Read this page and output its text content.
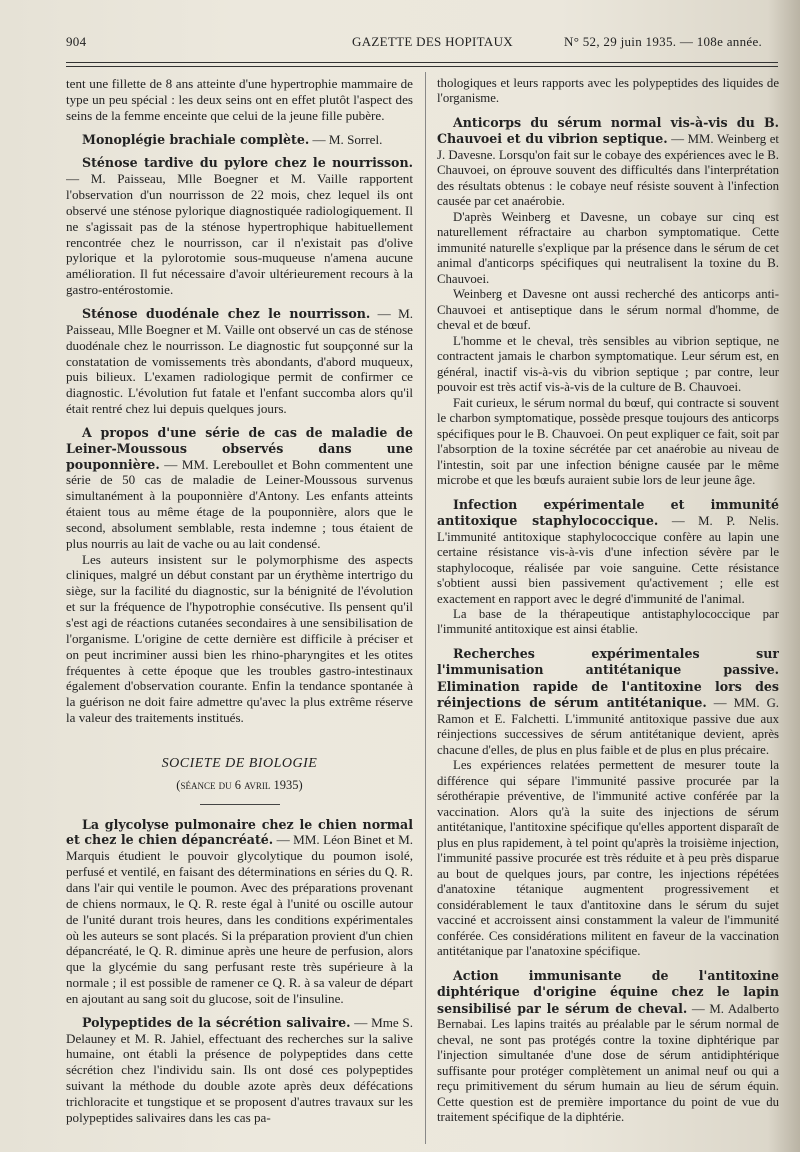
904	GAZETTE DES HOPITAUX	N° 52, 29 juin 1935. — 108e année.

tent une fillette de 8 ans atteinte d'une hypertrophie mammaire de type un peu spécial : les deux seins ont en effet plutôt l'aspect des seins de la femme enceinte que celui de la jeune fille pubère.

Monoplégie brachiale complète. — M. Sorrel.

Sténose tardive du pylore chez le nourrisson. — M. Paisseau, Mlle Boegner et M. Vaille rapportent l'observation d'un nourrisson de 22 mois, chez lequel ils ont observé une sténose pylorique diagnostiquée radiologiquement. Il ne s'agissait pas de la sténose hypertrophique habituellement rencontrée chez le nourrisson, car il n'existait pas d'olive pylorique et la pylorotomie sous-muqueuse n'amena aucune amélioration. Il fut nécessaire d'avoir ultérieurement recours à la gastro-entérostomie.

Sténose duodénale chez le nourrisson. — M. Paisseau, Mlle Boegner et M. Vaille ont observé un cas de sténose duodénale chez le nourrisson. Le diagnostic fut soupçonné sur la constatation de vomissements très abondants, d'abord muqueux, puis bilieux. L'examen radiologique permit de confirmer ce diagnostic. L'évolution fut fatale et l'enfant succomba alors qu'il était rentré chez lui depuis quelques jours.

A propos d'une série de cas de maladie de Leiner-Moussous observés dans une pouponnière. — MM. Lereboullet et Bohn commentent une série de 50 cas de maladie de Leiner-Moussous survenus simultanément à la pouponnière d'Antony. Les enfants atteints étaient tous au même étage de la pouponnière, alors que le second, absolument semblable, resta indemne ; tous étaient de plus nourris au lait de vache ou au lait condensé.

Les auteurs insistent sur le polymorphisme des aspects cliniques, malgré un début constant par un érythème intertrigo du siège, sur la facilité du diagnostic, sur la bénignité de l'évolution et sur la fréquence de l'hypotrophie consécutive. Ils pensent qu'il s'est agi de réactions cutanées secondaires à une sensibilisation de l'organisme. L'origine de cette dernière est difficile à préciser et on peut incriminer aussi bien les rhino-pharyngites et les otites fréquentes à cette époque que les troubles gastro-intestinaux également d'observation courante. Enfin la tendance spontanée à la guérison ne doit faire admettre qu'avec la plus extrême réserve la valeur des traitements institués.

SOCIETE DE BIOLOGIE
(séance du 6 avril 1935)

La glycolyse pulmonaire chez le chien normal et chez le chien dépancréaté. — MM. Léon Binet et M. Marquis étudient le pouvoir glycolytique du poumon isolé, perfusé et ventilé, en faisant des déterminations en séries du Q. R. dans l'air qui ventile le poumon. Avec des préparations provenant de chiens normaux, le Q. R. reste égal à l'unité ou oscille autour de l'unité durant trois heures, dans les conditions expérimentales où les auteurs se sont placés. Si la préparation provient d'un chien dépancréaté, le Q. R. diminue après une heure de perfusion, alors que la glycémie du sang perfusant reste très supérieure à la normale ; il est possible de ramener ce Q. R. à sa valeur de départ en ajoutant au sang soit du glucose, soit de l'insuline.

Polypeptides de la sécrétion salivaire. — Mme S. Delauney et M. R. Jahiel, effectuant des recherches sur la salive humaine, ont établi la présence de polypeptides dans cette sécrétion chez l'individu sain. Ils ont dosé ces polypeptides suivant la méthode du double azote après deux défécations trichloracite et tungstique et se proposent d'autres travaux sur les polypeptides salivaires dans les cas pa-

thologiques et leurs rapports avec les polypeptides des liquides de l'organisme.

Anticorps du sérum normal vis-à-vis du B. Chauvoei et du vibrion septique. — MM. Weinberg et J. Davesne. Lorsqu'on fait sur le cobaye des expériences avec le B. Chauvoei, on éprouve souvent des difficultés dans l'interprétation des résultats obtenus : le cobaye neuf résiste souvent à l'infection causée par cet anaérobie.

D'après Weinberg et Davesne, un cobaye sur cinq est naturellement réfractaire au charbon symptomatique. Cette immunité naturelle s'explique par la présence dans le sérum de cet animal d'anticorps spécifiques qui neutralisent la toxine du B. Chauvoei.

Weinberg et Davesne ont aussi recherché des anticorps anti-Chauvoei et antiseptique dans le sérum normal d'homme, de cheval et de bœuf.

L'homme et le cheval, très sensibles au vibrion septique, ne contractent jamais le charbon symptomatique. Leur sérum est, en général, inactif vis-à-vis du vibrion septique ; par contre, leur pouvoir est très actif vis-à-vis de la culture de B. Chauvoei.

Fait curieux, le sérum normal du bœuf, qui contracte si souvent le charbon symptomatique, possède presque toujours des anticorps spécifiques pour le B. Chauvoei. On peut expliquer ce fait, soit par l'absorption de la toxine sécrétée par cet anaérobie au niveau de l'intestin, soit par une infection bénigne causée par le même microbe et que les bœufs auraient subie lors de leur jeune âge.

Infection expérimentale et immunité antitoxique staphylococcique. — M. P. Nelis. L'immunité antitoxique staphylococcique confère au lapin une certaine résistance vis-à-vis d'une infection sévère par le staphylocoque, réalisée par voie sanguine. Cette résistance s'obtient aussi bien passivement qu'activement ; elle est exactement en rapport avec le degré d'immunité de l'animal.

La base de la thérapeutique antistaphylococcique par l'immunité antitoxique est ainsi établie.

Recherches expérimentales sur l'immunisation antitétanique passive. Elimination rapide de l'antitoxine lors des réinjections de sérum antitétanique. — MM. G. Ramon et E. Falchetti. L'immunité antitoxique passive due aux réinjections successives de sérum antitétanique devient, après chacune d'elles, de plus en plus faible et de plus en plus précaire.

Les expériences relatées permettent de mesurer toute la différence qui sépare l'immunité passive procurée par la sérothérapie préventive, de l'immunité active conférée par la vaccination. Alors qu'à la suite des injections de sérum antitétanique, l'antitoxine spécifique qu'elles apportent disparaît de plus en plus rapidement, à tel point qu'après la troisième injection, l'immunité passive procurée est très réduite et à peu près disparue au bout de quelques jours, par contre, les injections répétées d'anatoxine tétanique augmentent progressivement et considérablement le taux d'antitoxine dans le sérum du sujet vacciné et accroissent ainsi constamment la valeur de l'immunité conférée. Ces considérations militent en faveur de la vaccination antitétanique par l'anatoxine spécifique.

Action immunisante de l'antitoxine diphtérique d'origine équine chez le lapin sensibilisé par le sérum de cheval. — M. Adalberto Bernabai. Les lapins traités au préalable par le sérum normal de cheval, ne sont pas protégés contre la toxine diphtérique par l'injection simultanée d'une dose de sérum antidiphtérique suffisante pour protéger complètement un animal neuf ou qui a reçu primitivement du sérum humain au lieu de sérum équin. Cette question est de première importance du point de vue du traitement spécifique de la diphtérie.
